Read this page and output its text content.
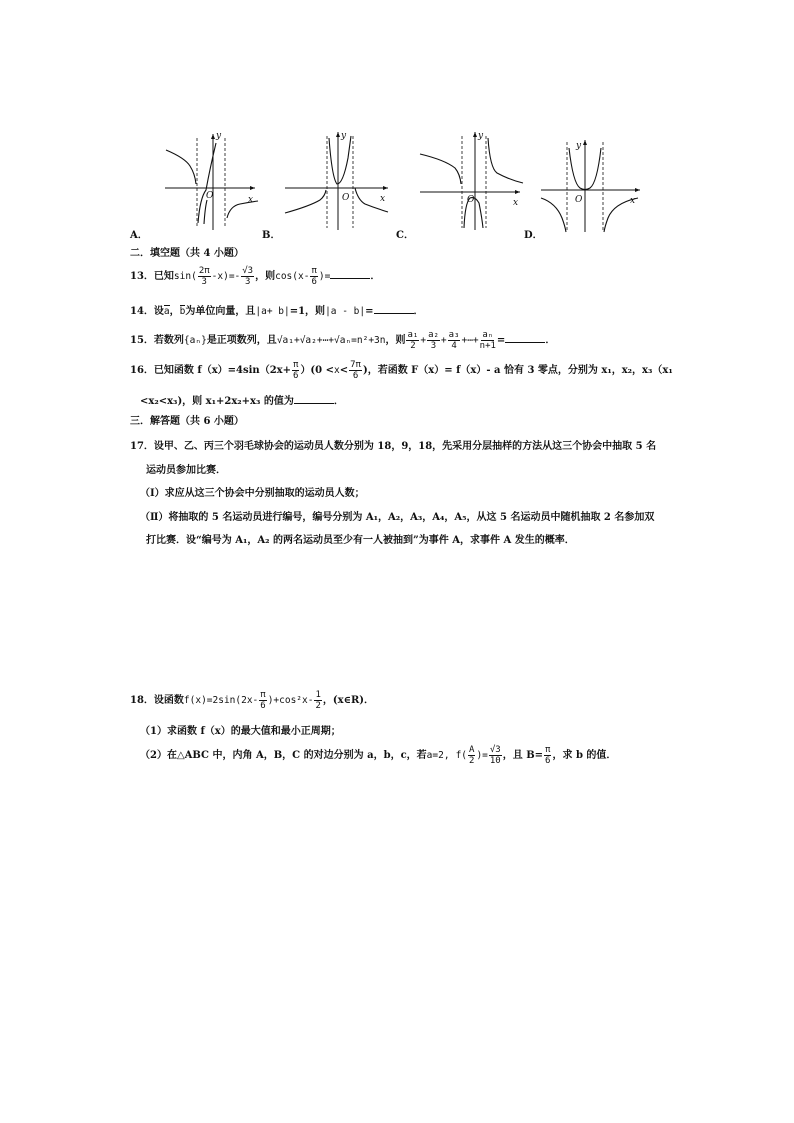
y
x
O
y
x
O
y
x
O
y
x
O
A．	B．	C．	D．
二．填空题（共 4 小题）
13．已知$\sin( \frac{2\pi}{3} -x)=- \frac{√3}{3}$ ，则$\cos(x- \frac{\pi}{6}$ )=	．
14．设a，b为单位向量，且|a+ b|=1，则|a - b|=	．
15．若数列{aₙ}是正项数列，且√a₁+√a₂+⋯+√aₙ=n²+3n，则 $\frac{\text{a₁}}{2} + \frac{\text{a₂}}{3} + \frac{\text{a₃}}{4}$ +⋯+ $\frac{\text{aₙ}}{n+1}$ =	．
16．已知函数 $f(x)=4\sin(2x+ \frac{\pi}{6} )(0 <x< \frac{7\pi}{6}$ )，若函数 F（x）= f（x）- a 恰有 3 零点，分别为 x₁，x₂，x₃（x₁
<x₂<x₃)，则 x₁+2x₂+x₃ 的值为	．
三．解答题（共 6 小题）
17．设甲、乙、丙三个羽毛球协会的运动员人数分别为 18，9，18，先采用分层抽样的方法从这三个协会中抽取 5 名
运动员参加比赛．
（Ⅰ）求应从这三个协会中分别抽取的运动员人数；
（Ⅱ）将抽取的 5 名运动员进行编号，编号分别为 A₁，A₂，A₃，A₄，A₅，从这 5 名运动员中随机抽取 2 名参加双
打比赛．设“编号为 A₁，A₂ 的两名运动员至少有一人被抽到”为事件 A，求事件 A 发生的概率．
18．设函数$f(x)=2\sin(2x- \frac{\pi}{6} )+\cos^2x- \frac{1}{2}$ ，(x∈R)．
（1）求函数 f（x）的最大值和最小正周期；
（2）在△ABC 中，内角 A，B，C 的对边分别为 a，b，c，若a=2, $f( \frac{A}{2}$ )= $\frac{√3}{10}$ ，且 $B= \frac{\pi}{6}$ ，求 b 的值．
